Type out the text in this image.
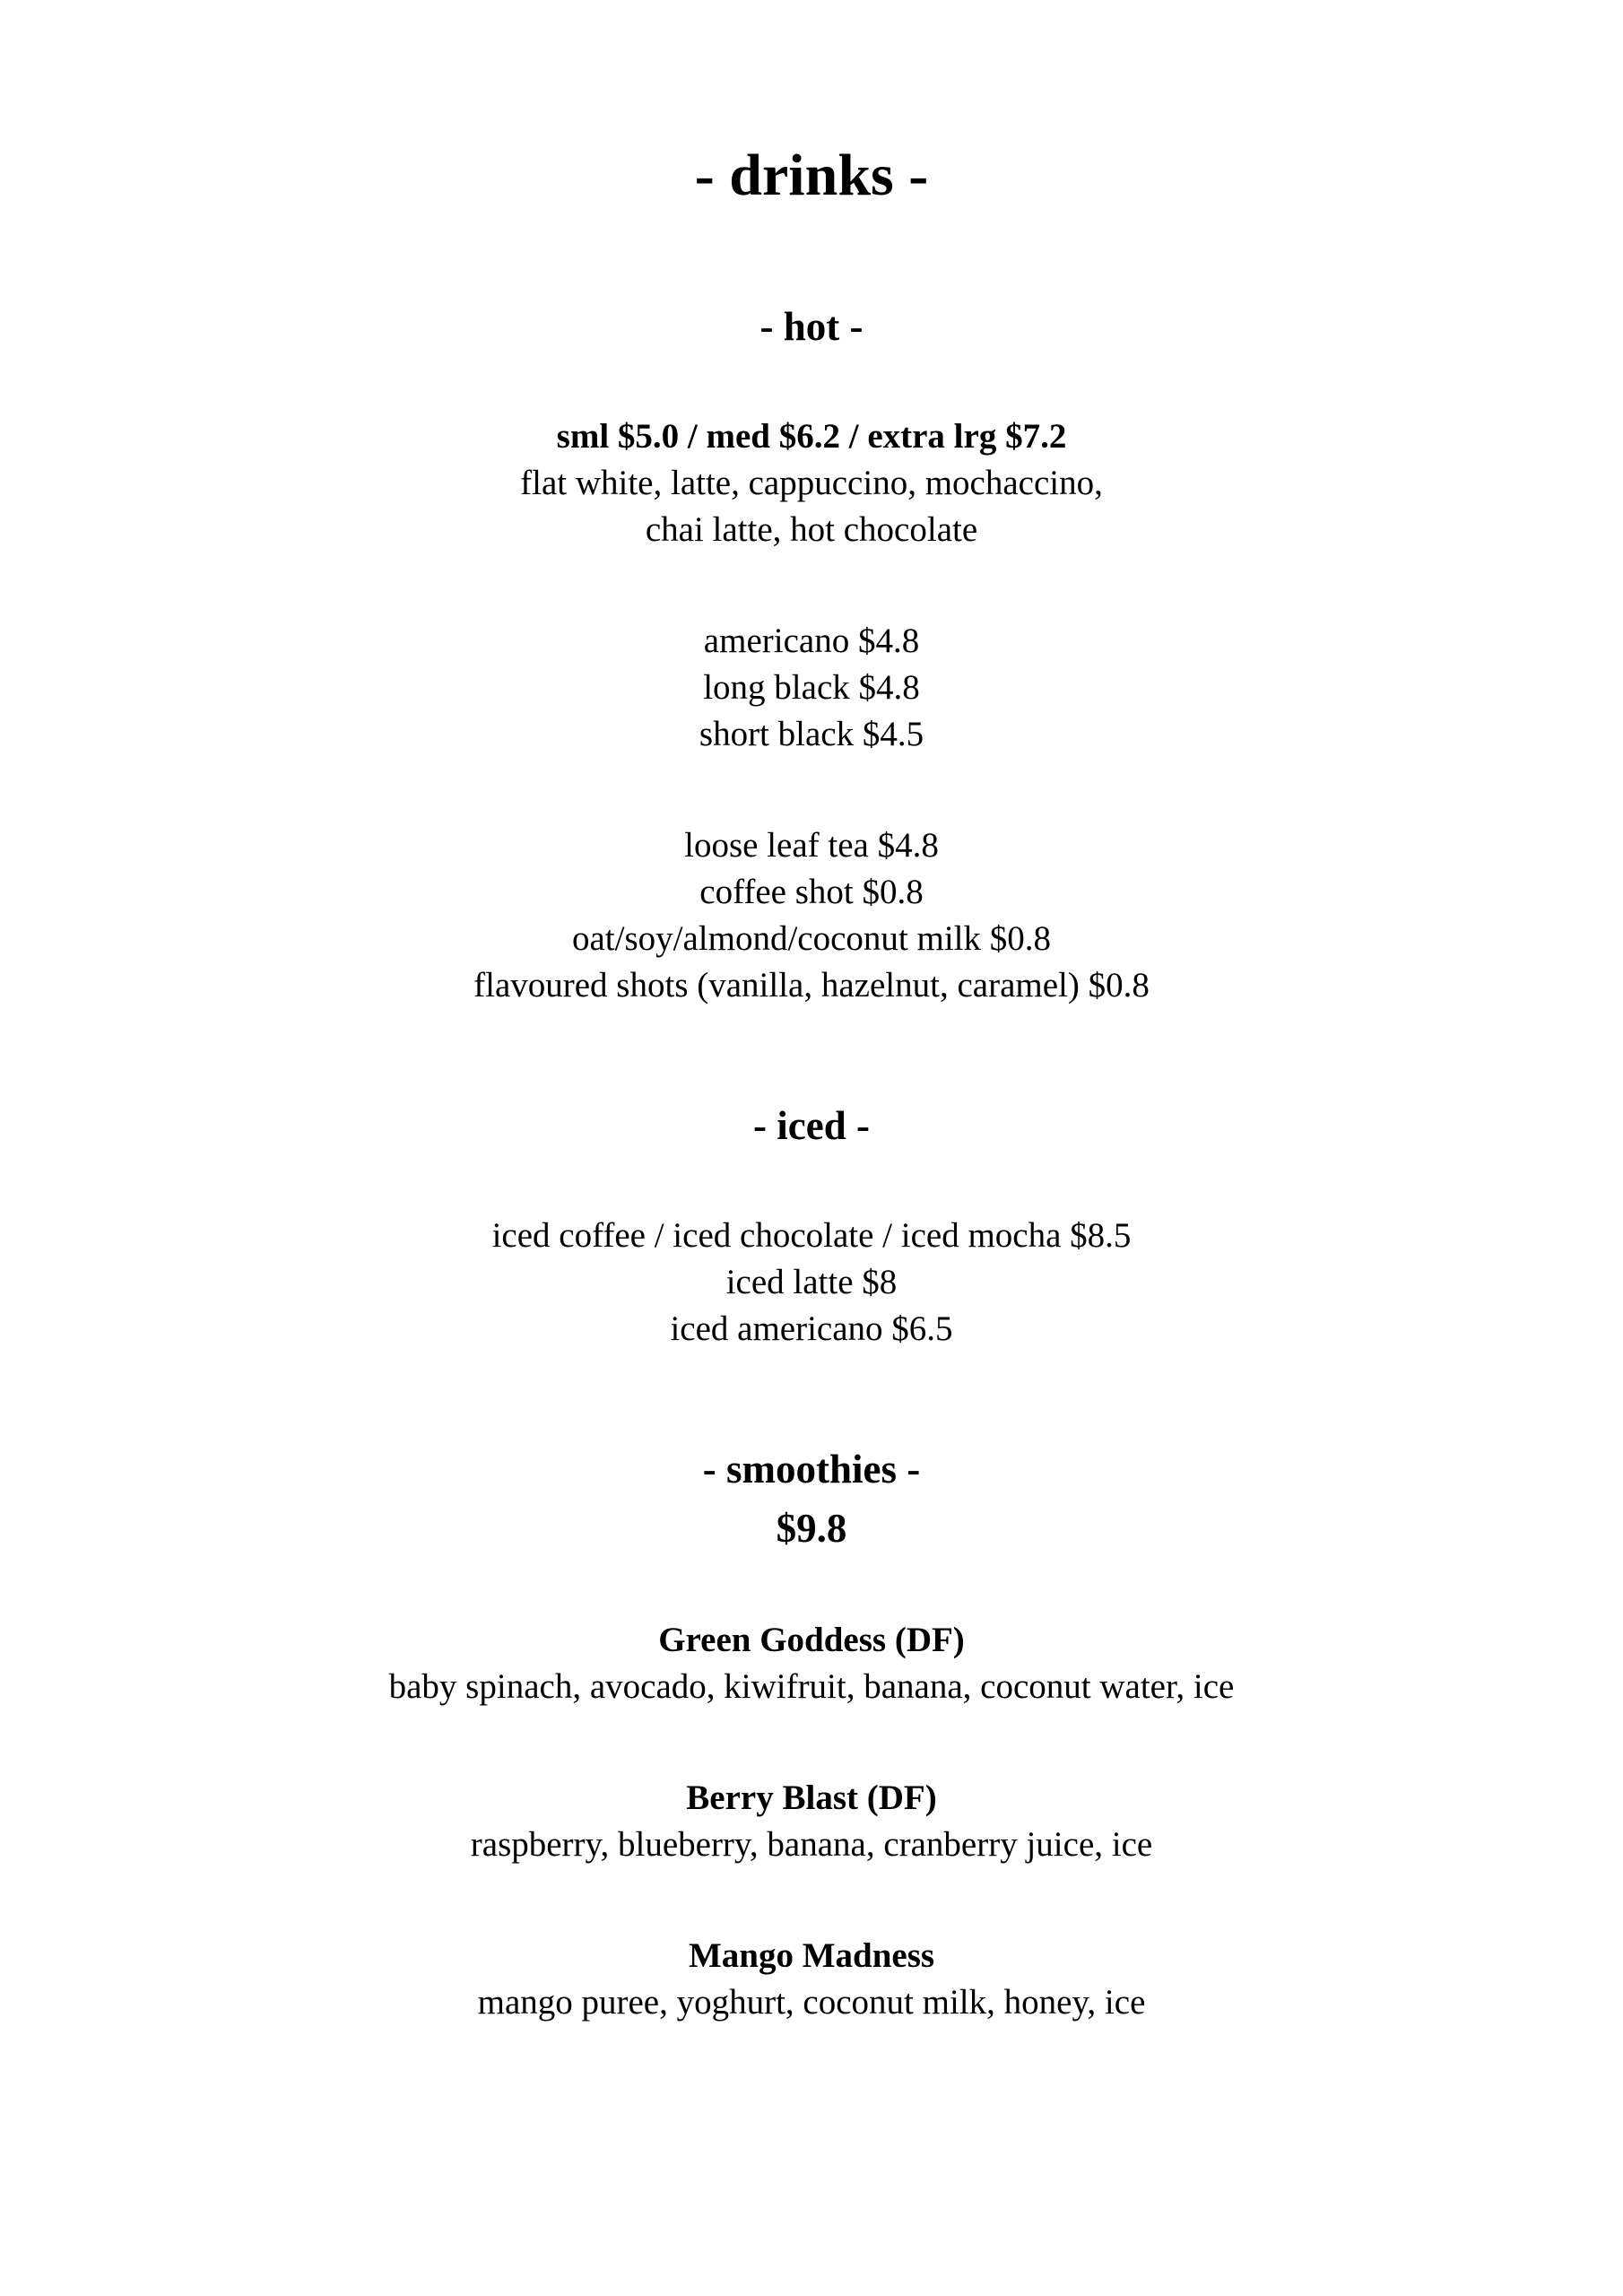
- drinks -
- hot -

sml $5.0 / med $6.2 / extra lrg $7.2

flat white, latte, cappuccino, mochaccino,

chai latte, hot chocolate

americano $4.8

long black $4.8

short black $4.5

loose leaf tea $4.8

coffee shot $0.8

oat/soy/almond/coconut milk $0.8

flavoured shots (vanilla, hazelnut, caramel) $0.8

- iced -

iced coffee / iced chocolate / iced mocha $8.5

iced latte $8

iced americano $6.5

- smoothies -

$9.8

Green Goddess (DF)

baby spinach, avocado, kiwifruit, banana, coconut water, ice

Berry Blast (DF)

raspberry, blueberry, banana, cranberry juice, ice

Mango Madness

mango puree, yoghurt, coconut milk, honey, ice
